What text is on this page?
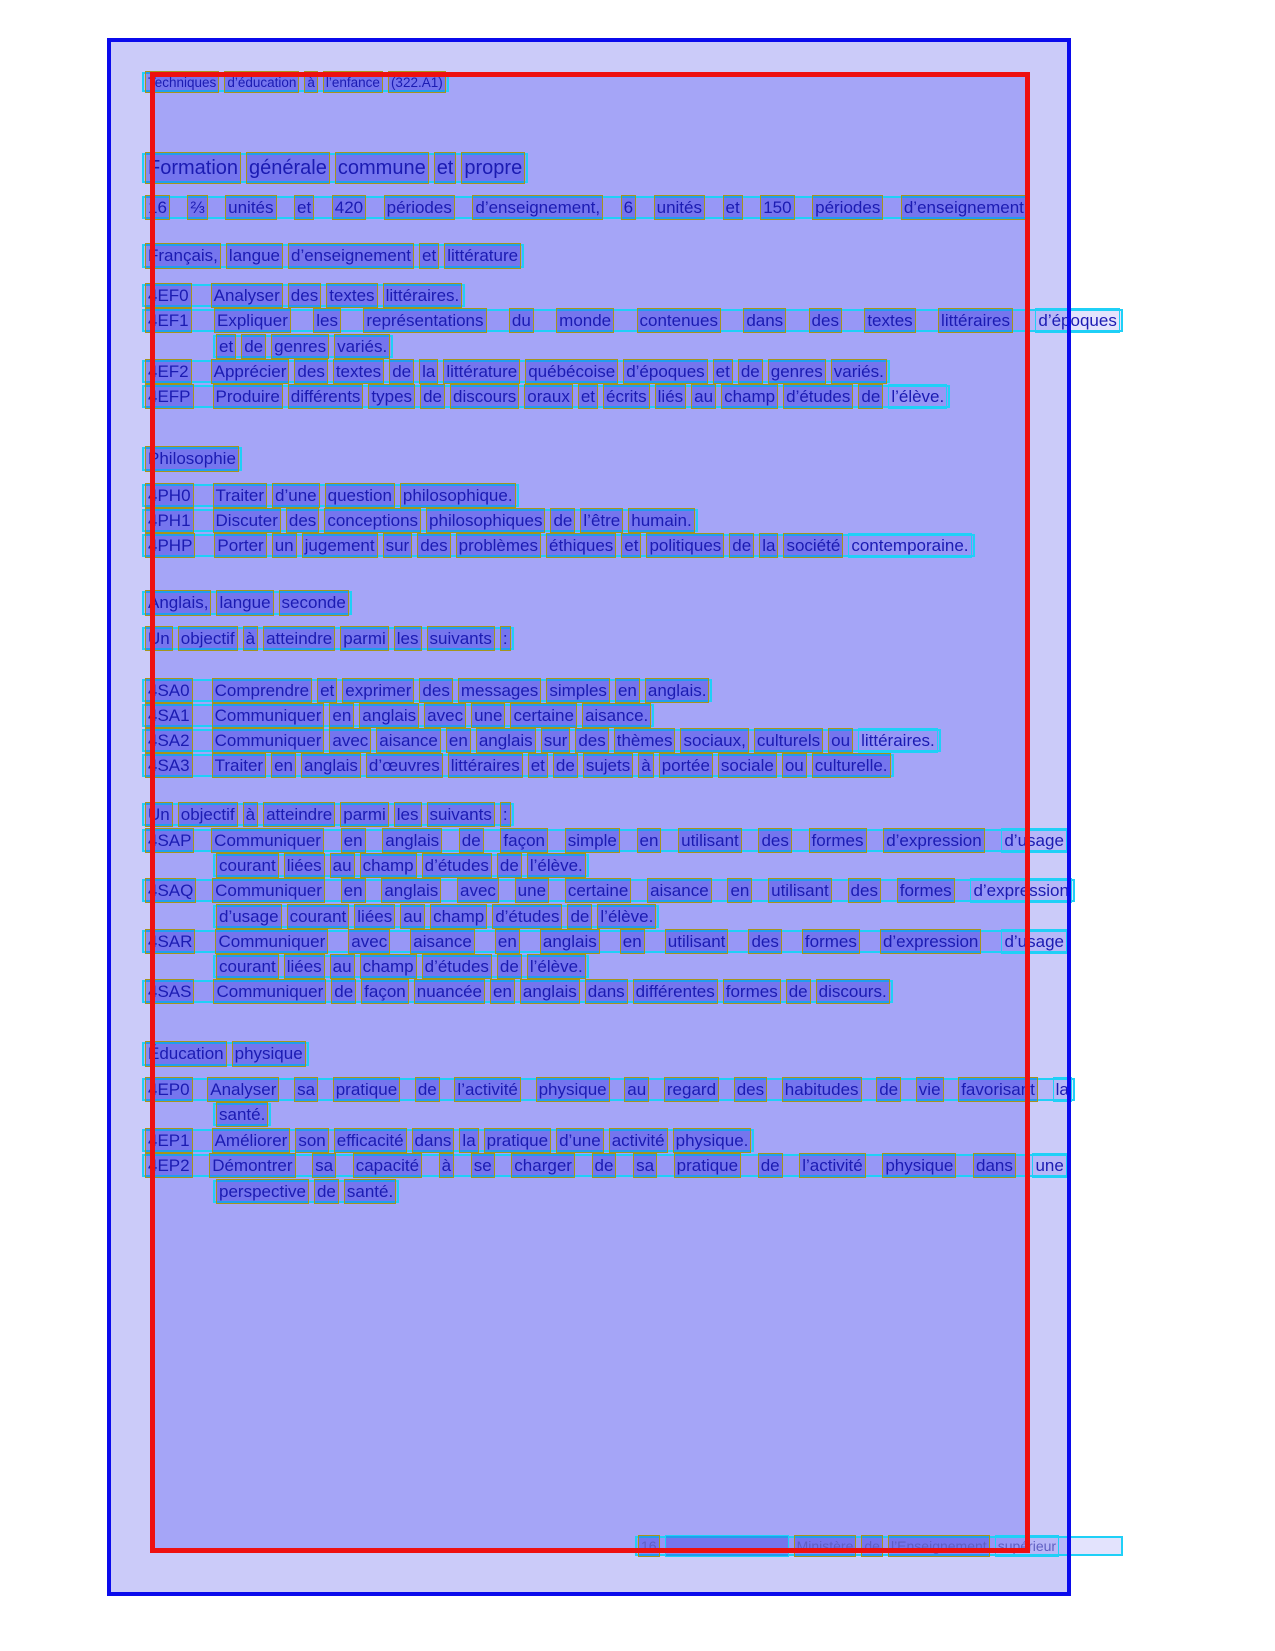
Techniques d’éducation à l’enfance (322.A1)
Formation générale commune et propre
16 ⅔ unités et 420 périodes d’enseignement, 6 unités et 150 périodes d’enseignement
Français, langue d’enseignement et littérature
4EF0 Analyser des textes littéraires.
4EF1 Expliquer les représentations du monde contenues dans des textes littéraires d’époques
et de genres variés.
4EF2 Apprécier des textes de la littérature québécoise d’époques et de genres variés.
4EFP Produire différents types de discours oraux et écrits liés au champ d’études de l’élève.
Philosophie
4PH0 Traiter d’une question philosophique.
4PH1 Discuter des conceptions philosophiques de l’être humain.
4PHP Porter un jugement sur des problèmes éthiques et politiques de la société contemporaine.
Anglais, langue seconde
Un objectif à atteindre parmi les suivants :
4SA0 Comprendre et exprimer des messages simples en anglais.
4SA1 Communiquer en anglais avec une certaine aisance.
4SA2 Communiquer avec aisance en anglais sur des thèmes sociaux, culturels ou littéraires.
4SA3 Traiter en anglais d’œuvres littéraires et de sujets à portée sociale ou culturelle.
Un objectif à atteindre parmi les suivants :
4SAP Communiquer en anglais de façon simple en utilisant des formes d’expression d’usage
courant liées au champ d’études de l’élève.
4SAQ Communiquer en anglais avec une certaine aisance en utilisant des formes d’expression
d’usage courant liées au champ d’études de l’élève.
4SAR Communiquer avec aisance en anglais en utilisant des formes d’expression d’usage
courant liées au champ d’études de l’élève.
4SAS Communiquer de façon nuancée en anglais dans différentes formes de discours.
Éducation physique
4EP0 Analyser sa pratique de l’activité physique au regard des habitudes de vie favorisant la
santé.
4EP1 Améliorer son efficacité dans la pratique d’une activité physique.
4EP2 Démontrer sa capacité à se charger de sa pratique de l’activité physique dans une
perspective de santé.
16	Ministère de l’Enseignement supérieur
